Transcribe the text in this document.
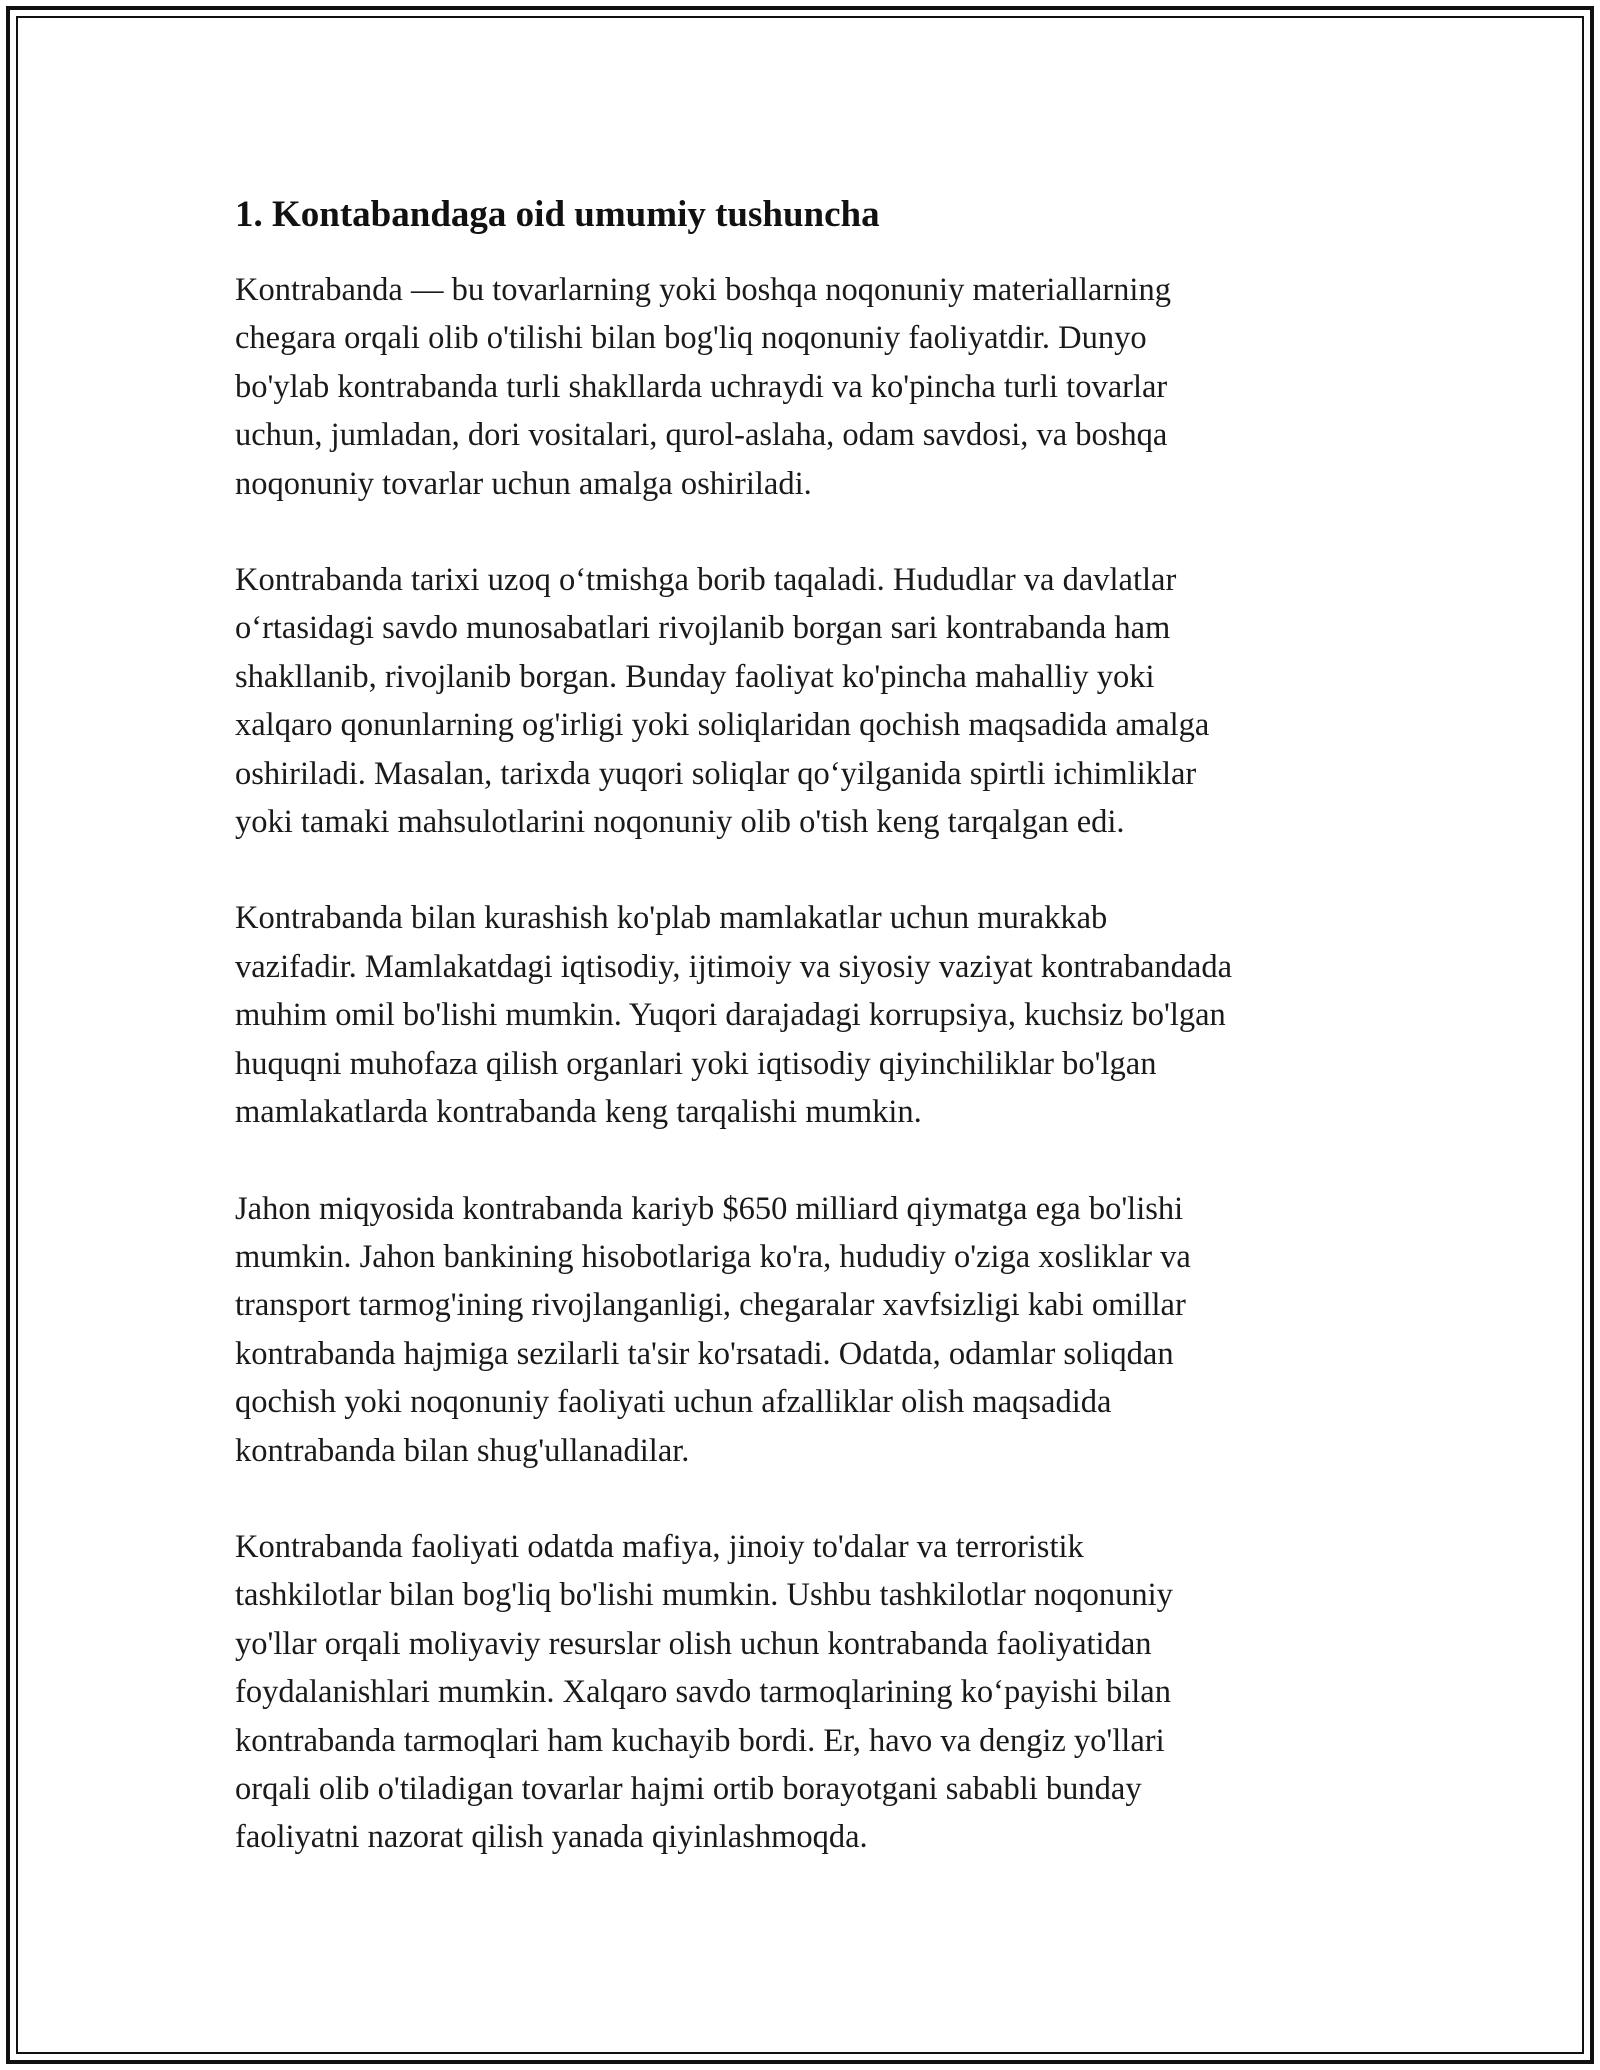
1. Kontabandaga oid umumiy tushuncha

Kontrabanda — bu tovarlarning yoki boshqa noqonuniy materiallarning
chegara orqali olib o'tilishi bilan bog'liq noqonuniy faoliyatdir. Dunyo
bo'ylab kontrabanda turli shakllarda uchraydi va ko'pincha turli tovarlar
uchun, jumladan, dori vositalari, qurol-aslaha, odam savdosi, va boshqa
noqonuniy tovarlar uchun amalga oshiriladi.

Kontrabanda tarixi uzoq o‘tmishga borib taqaladi. Hududlar va davlatlar
o‘rtasidagi savdo munosabatlari rivojlanib borgan sari kontrabanda ham
shakllanib, rivojlanib borgan. Bunday faoliyat ko'pincha mahalliy yoki
xalqaro qonunlarning og'irligi yoki soliqlaridan qochish maqsadida amalga
oshiriladi. Masalan, tarixda yuqori soliqlar qo‘yilganida spirtli ichimliklar
yoki tamaki mahsulotlarini noqonuniy olib o'tish keng tarqalgan edi.

Kontrabanda bilan kurashish ko'plab mamlakatlar uchun murakkab
vazifadir. Mamlakatdagi iqtisodiy, ijtimoiy va siyosiy vaziyat kontrabandada
muhim omil bo'lishi mumkin. Yuqori darajadagi korrupsiya, kuchsiz bo'lgan
huquqni muhofaza qilish organlari yoki iqtisodiy qiyinchiliklar bo'lgan
mamlakatlarda kontrabanda keng tarqalishi mumkin.

Jahon miqyosida kontrabanda kariyb $650 milliard qiymatga ega bo'lishi
mumkin. Jahon bankining hisobotlariga ko'ra, hududiy o'ziga xosliklar va
transport tarmog'ining rivojlanganligi, chegaralar xavfsizligi kabi omillar
kontrabanda hajmiga sezilarli ta'sir ko'rsatadi. Odatda, odamlar soliqdan
qochish yoki noqonuniy faoliyati uchun afzalliklar olish maqsadida
kontrabanda bilan shug'ullanadilar.

Kontrabanda faoliyati odatda mafiya, jinoiy to'dalar va terroristik
tashkilotlar bilan bog'liq bo'lishi mumkin. Ushbu tashkilotlar noqonuniy
yo'llar orqali moliyaviy resurslar olish uchun kontrabanda faoliyatidan
foydalanishlari mumkin. Xalqaro savdo tarmoqlarining ko‘payishi bilan
kontrabanda tarmoqlari ham kuchayib bordi. Er, havo va dengiz yo'llari
orqali olib o'tiladigan tovarlar hajmi ortib borayotgani sababli bunday
faoliyatni nazorat qilish yanada qiyinlashmoqda.
